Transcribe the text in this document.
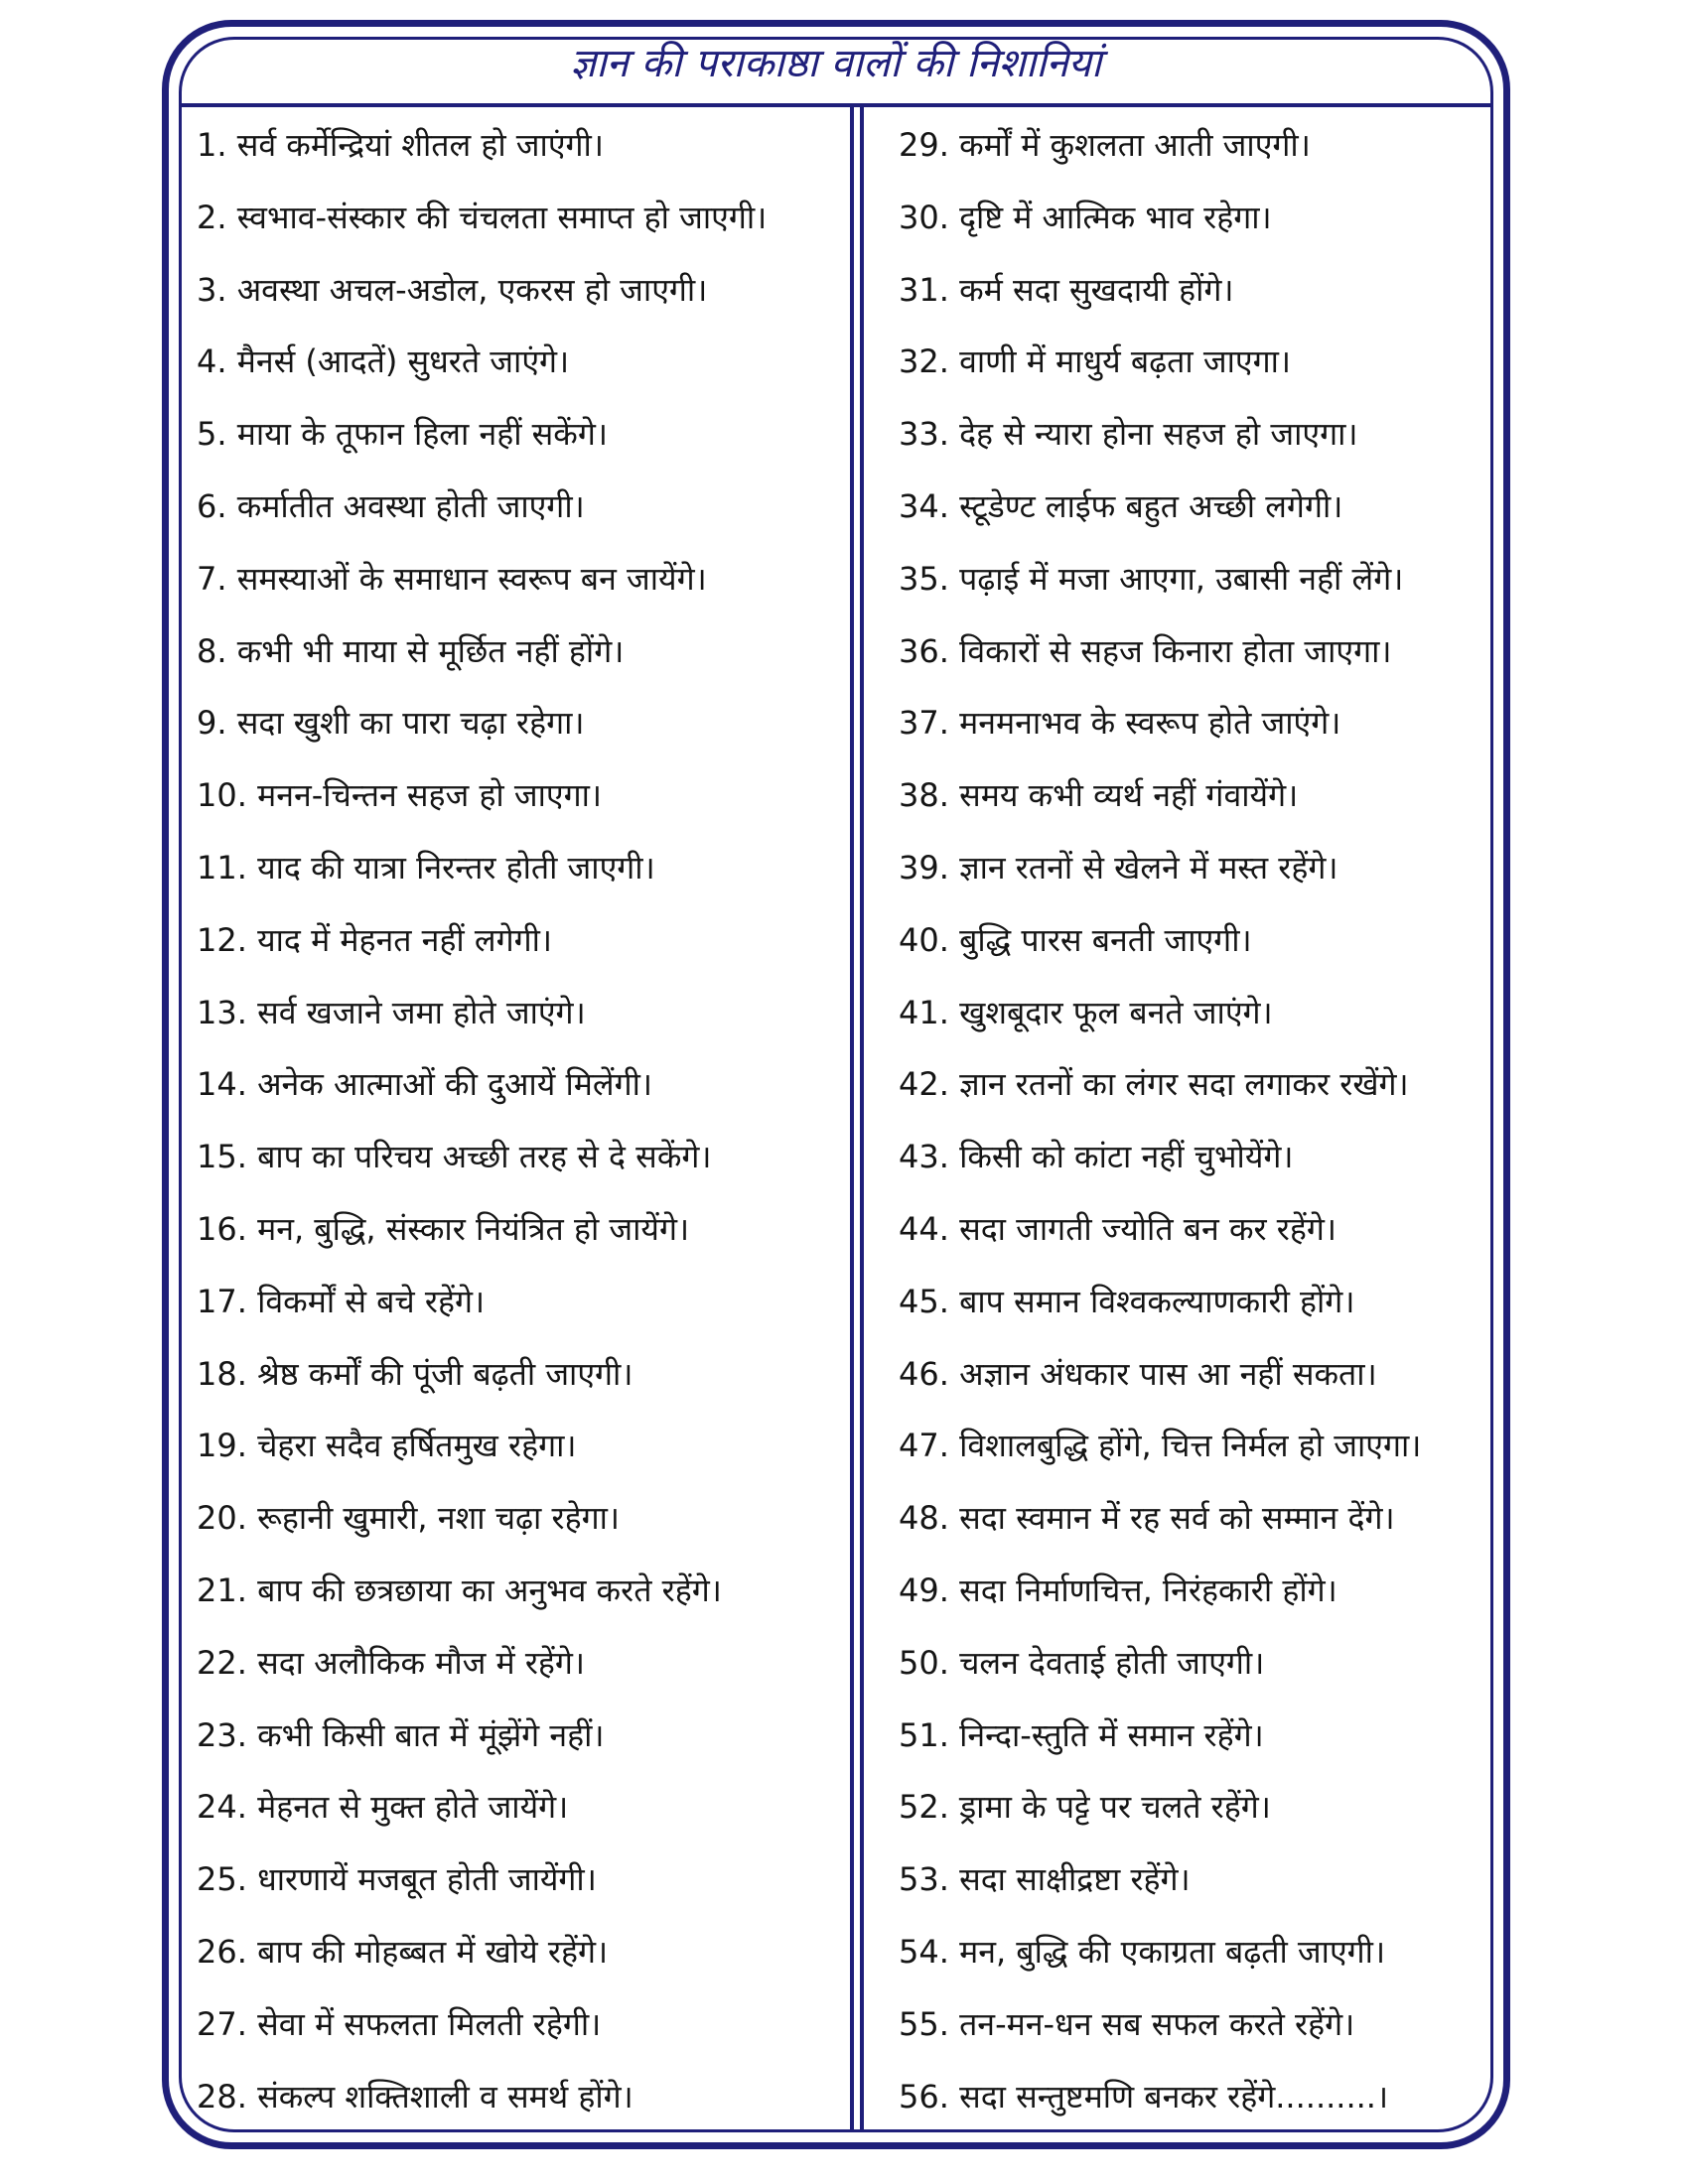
ज्ञान की पराकाष्ठा वालों की निशानियां
1. सर्व कर्मेन्द्रियां शीतल हो जाएंगी।
2. स्वभाव-संस्कार की चंचलता समाप्त हो जाएगी।
3. अवस्था अचल-अडोल, एकरस हो जाएगी।
4. मैनर्स (आदतें) सुधरते जाएंगे।
5. माया के तूफान हिला नहीं सकेंगे।
6. कर्मातीत अवस्था होती जाएगी।
7. समस्याओं के समाधान स्वरूप बन जायेंगे।
8. कभी भी माया से मूर्छित नहीं होंगे।
9. सदा खुशी का पारा चढ़ा रहेगा।
10. मनन-चिन्तन सहज हो जाएगा।
11. याद की यात्रा निरन्तर होती जाएगी।
12. याद में मेहनत नहीं लगेगी।
13. सर्व खजाने जमा होते जाएंगे।
14. अनेक आत्माओं की दुआयें मिलेंगी।
15. बाप का परिचय अच्छी तरह से दे सकेंगे।
16. मन, बुद्धि, संस्कार नियंत्रित हो जायेंगे।
17. विकर्मों से बचे रहेंगे।
18. श्रेष्ठ कर्मों की पूंजी बढ़ती जाएगी।
19. चेहरा सदैव हर्षितमुख रहेगा।
20. रूहानी खुमारी, नशा चढ़ा रहेगा।
21. बाप की छत्रछाया का अनुभव करते रहेंगे।
22. सदा अलौकिक मौज में रहेंगे।
23. कभी किसी बात में मूंझेंगे नहीं।
24. मेहनत से मुक्त होते जायेंगे।
25. धारणायें मजबूत होती जायेंगी।
26. बाप की मोहब्बत में खोये रहेंगे।
27. सेवा में सफलता मिलती रहेगी।
28. संकल्प शक्तिशाली व समर्थ होंगे।
29. कर्मों में कुशलता आती जाएगी।
30. दृष्टि में आत्मिक भाव रहेगा।
31. कर्म सदा सुखदायी होंगे।
32. वाणी में माधुर्य बढ़ता जाएगा।
33. देह से न्यारा होना सहज हो जाएगा।
34. स्टूडेण्ट लाईफ बहुत अच्छी लगेगी।
35. पढ़ाई में मजा आएगा, उबासी नहीं लेंगे।
36. विकारों से सहज किनारा होता जाएगा।
37. मनमनाभव के स्वरूप होते जाएंगे।
38. समय कभी व्यर्थ नहीं गंवायेंगे।
39. ज्ञान रतनों से खेलने में मस्त रहेंगे।
40. बुद्धि पारस बनती जाएगी।
41. खुशबूदार फूल बनते जाएंगे।
42. ज्ञान रतनों का लंगर सदा लगाकर रखेंगे।
43. किसी को कांटा नहीं चुभोयेंगे।
44. सदा जागती ज्योति बन कर रहेंगे।
45. बाप समान विश्वकल्याणकारी होंगे।
46. अज्ञान अंधकार पास आ नहीं सकता।
47. विशालबुद्धि होंगे, चित्त निर्मल हो जाएगा।
48. सदा स्वमान में रह सर्व को सम्मान देंगे।
49. सदा निर्माणचित्त, निरंहकारी होंगे।
50. चलन देवताई होती जाएगी।
51. निन्दा-स्तुति में समान रहेंगे।
52. ड्रामा के पट्टे पर चलते रहेंगे।
53. सदा साक्षीद्रष्टा रहेंगे।
54. मन, बुद्धि की एकाग्रता बढ़ती जाएगी।
55. तन-मन-धन सब सफल करते रहेंगे।
56. सदा सन्तुष्टमणि बनकर रहेंगे..........।
